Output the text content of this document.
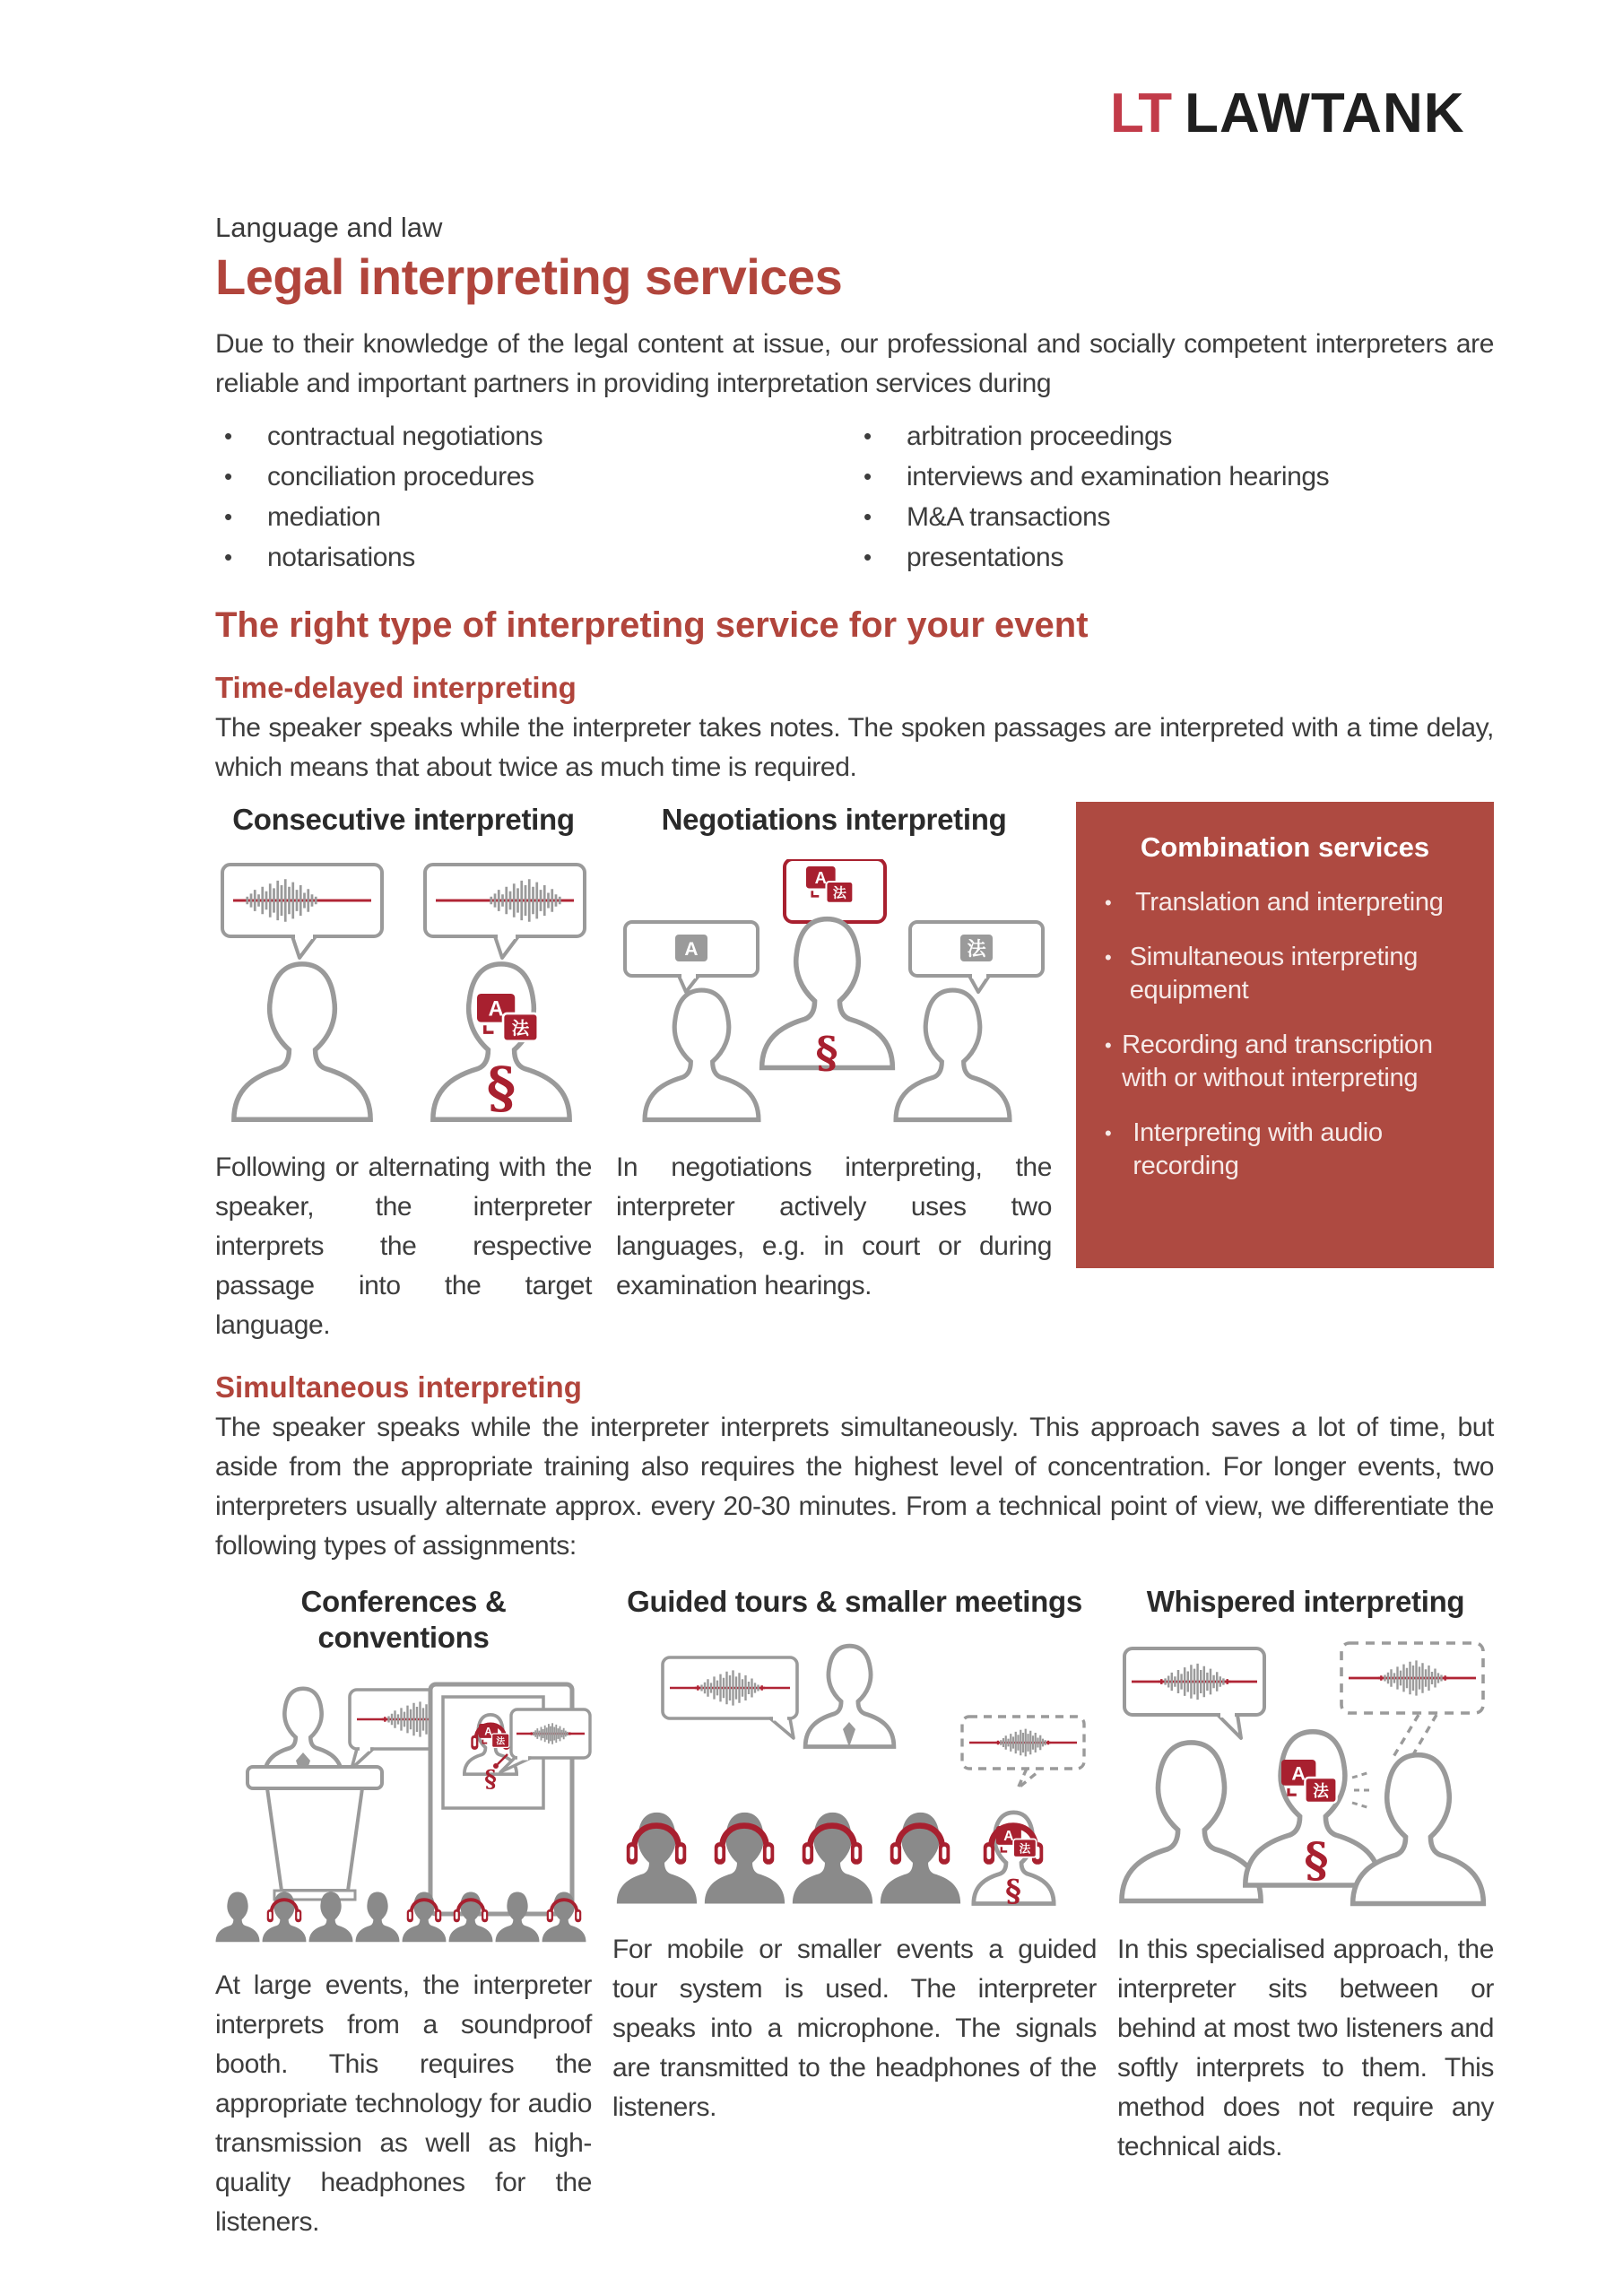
LT LAWTANK
Language and law
Legal interpreting services
Due to their knowledge of the legal content at issue, our professional and socially competent interpreters are reliable and important partners in providing interpretation services during
•	contractual negotiations
•	conciliation procedures
•	mediation
•	notarisations
•	arbitration proceedings
•	interviews and examination hearings
•	M&A transactions
•	presentations
The right type of interpreting service for your event
Time-delayed interpreting
The speaker speaks while the interpreter takes notes. The spoken passages are interpreted with a time delay, which means that about twice as much time is required.
Consecutive interpreting
§
Following or alternating with the speaker, the interpreter interprets the respective passage into the target language.
Negotiations interpreting
A	法
§
In negotiations interpreting, the interpreter actively uses two languages, e.g. in court or during examination hearings.
Combination services
• Translation and interpreting
• Simultaneous interpreting equipment
• Recording and transcription with or without interpreting
• Interpreting with audio recording
Simultaneous interpreting
The speaker speaks while the interpreter interprets simultaneously. This approach saves a lot of time, but aside from the appropriate training also requires the highest level of concentration. For longer events, two interpreters usually alternate approx. every 20-30 minutes. From a technical point of view, we differentiate the following types of assignments:
Conferences & conventions
§
At large events, the interpreter interprets from a soundproof booth. This requires the appropriate technology for audio transmission as well as high-quality headphones for the listeners.
Guided tours & smaller meetings
§
For mobile or smaller events a guided tour system is used. The interpreter speaks into a microphone. The signals are transmitted to the headphones of the listeners.
Whispered interpreting
§
In this specialised approach, the interpreter sits between or behind at most two listeners and softly interprets to them. This method does not require any technical aids.
